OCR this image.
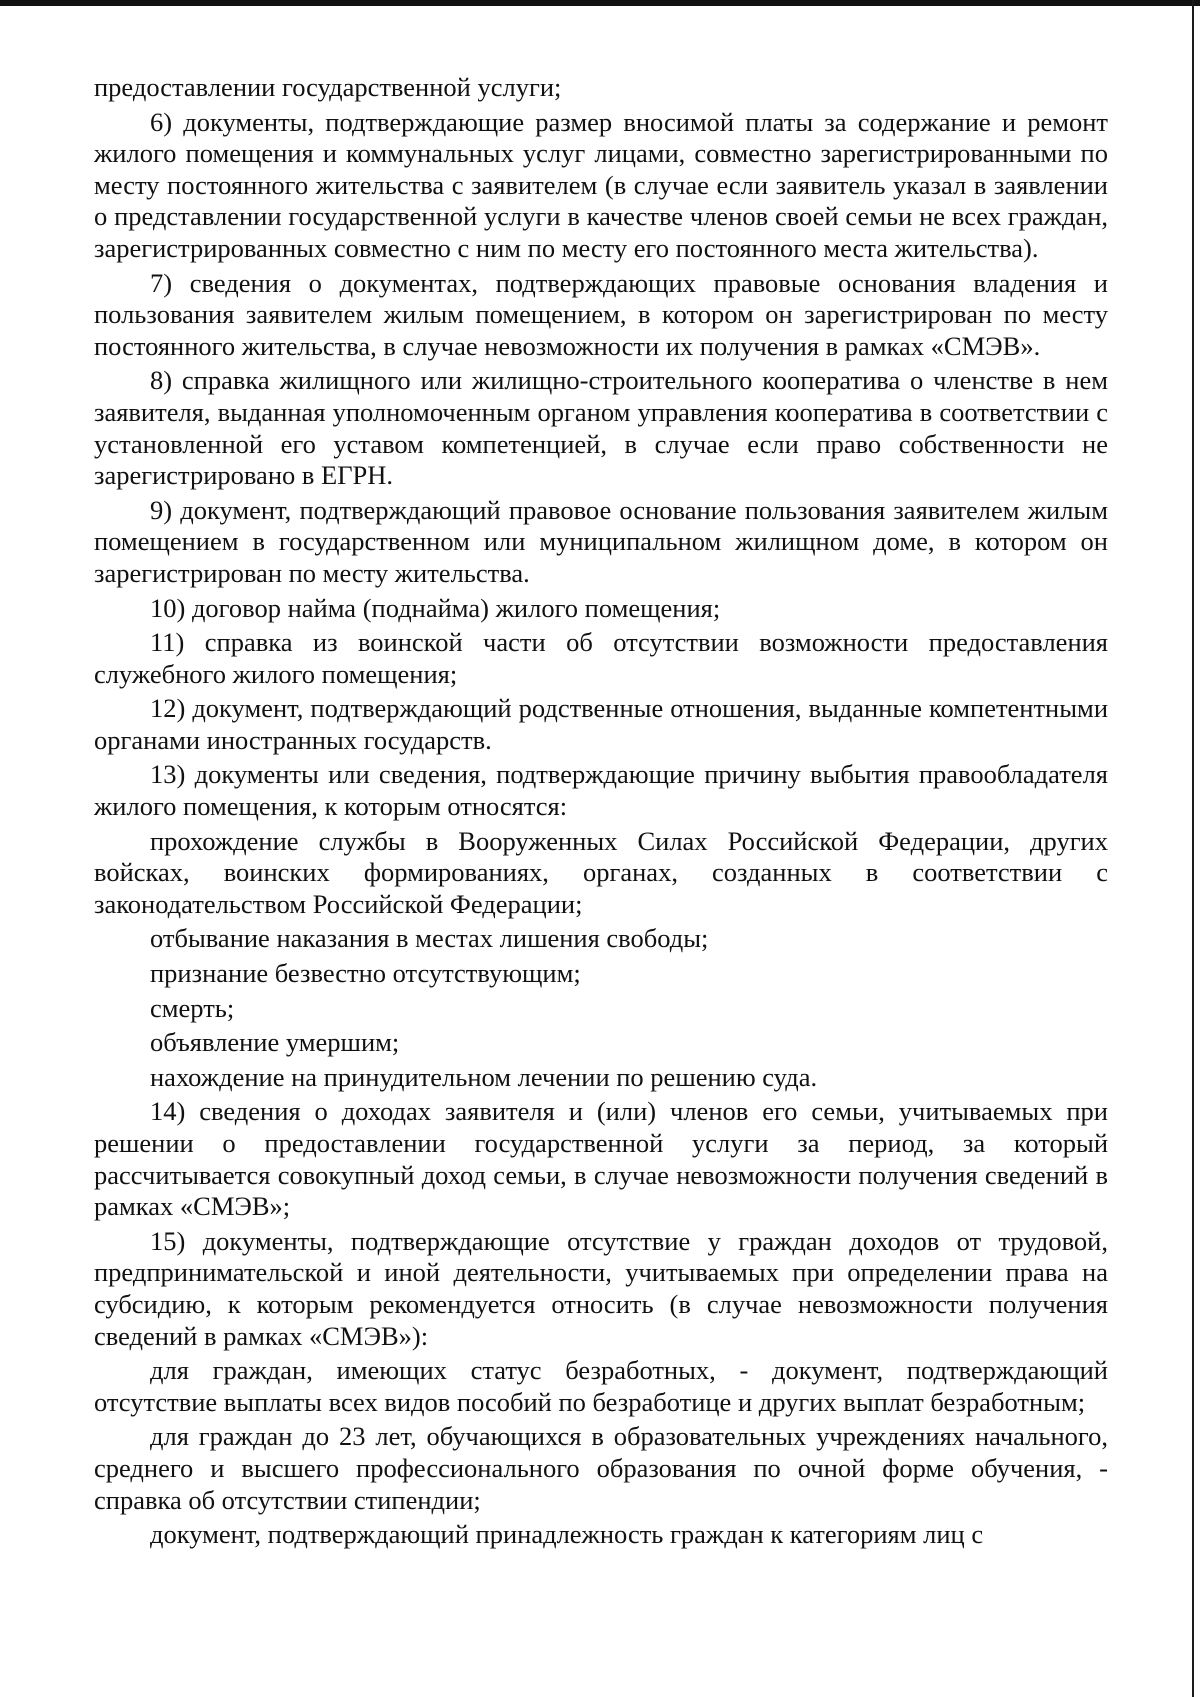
предоставлении государственной услуги;

6) документы, подтверждающие размер вносимой платы за содержание и ремонт жилого помещения и коммунальных услуг лицами, совместно зарегистрированными по месту постоянного жительства с заявителем (в случае если заявитель указал в заявлении о представлении государственной услуги в качестве членов своей семьи не всех граждан, зарегистрированных совместно с ним по месту его постоянного места жительства).

7) сведения о документах, подтверждающих правовые основания владения и пользования заявителем жилым помещением, в котором он зарегистрирован по месту постоянного жительства, в случае невозможности их получения в рамках «СМЭВ».

8) справка жилищного или жилищно-строительного кооператива о членстве в нем заявителя, выданная уполномоченным органом управления кооператива в соответствии с установленной его уставом компетенцией, в случае если право собственности не зарегистрировано в ЕГРН.

9) документ, подтверждающий правовое основание пользования заявителем жилым помещением в государственном или муниципальном жилищном доме, в котором он зарегистрирован по месту жительства.

10) договор найма (поднайма) жилого помещения;

11) справка из воинской части об отсутствии возможности предоставления служебного жилого помещения;

12) документ, подтверждающий родственные отношения, выданные компетентными органами иностранных государств.

13) документы или сведения, подтверждающие причину выбытия правообладателя жилого помещения, к которым относятся:

прохождение службы в Вооруженных Силах Российской Федерации, других войсках, воинских формированиях, органах, созданных в соответствии с законодательством Российской Федерации;

отбывание наказания в местах лишения свободы;

признание безвестно отсутствующим;

смерть;

объявление умершим;

нахождение на принудительном лечении по решению суда.

14) сведения о доходах заявителя и (или) членов его семьи, учитываемых при решении о предоставлении государственной услуги за период, за который рассчитывается совокупный доход семьи, в случае невозможности получения сведений в рамках «СМЭВ»;

15) документы, подтверждающие отсутствие у граждан доходов от трудовой, предпринимательской и иной деятельности, учитываемых при определении права на субсидию, к которым рекомендуется относить (в случае невозможности получения сведений в рамках «СМЭВ»):

для граждан, имеющих статус безработных, - документ, подтверждающий отсутствие выплаты всех видов пособий по безработице и других выплат безработным;

для граждан до 23 лет, обучающихся в образовательных учреждениях начального, среднего и высшего профессионального образования по очной форме обучения, - справка об отсутствии стипендии;

документ, подтверждающий принадлежность граждан к категориям лиц с
